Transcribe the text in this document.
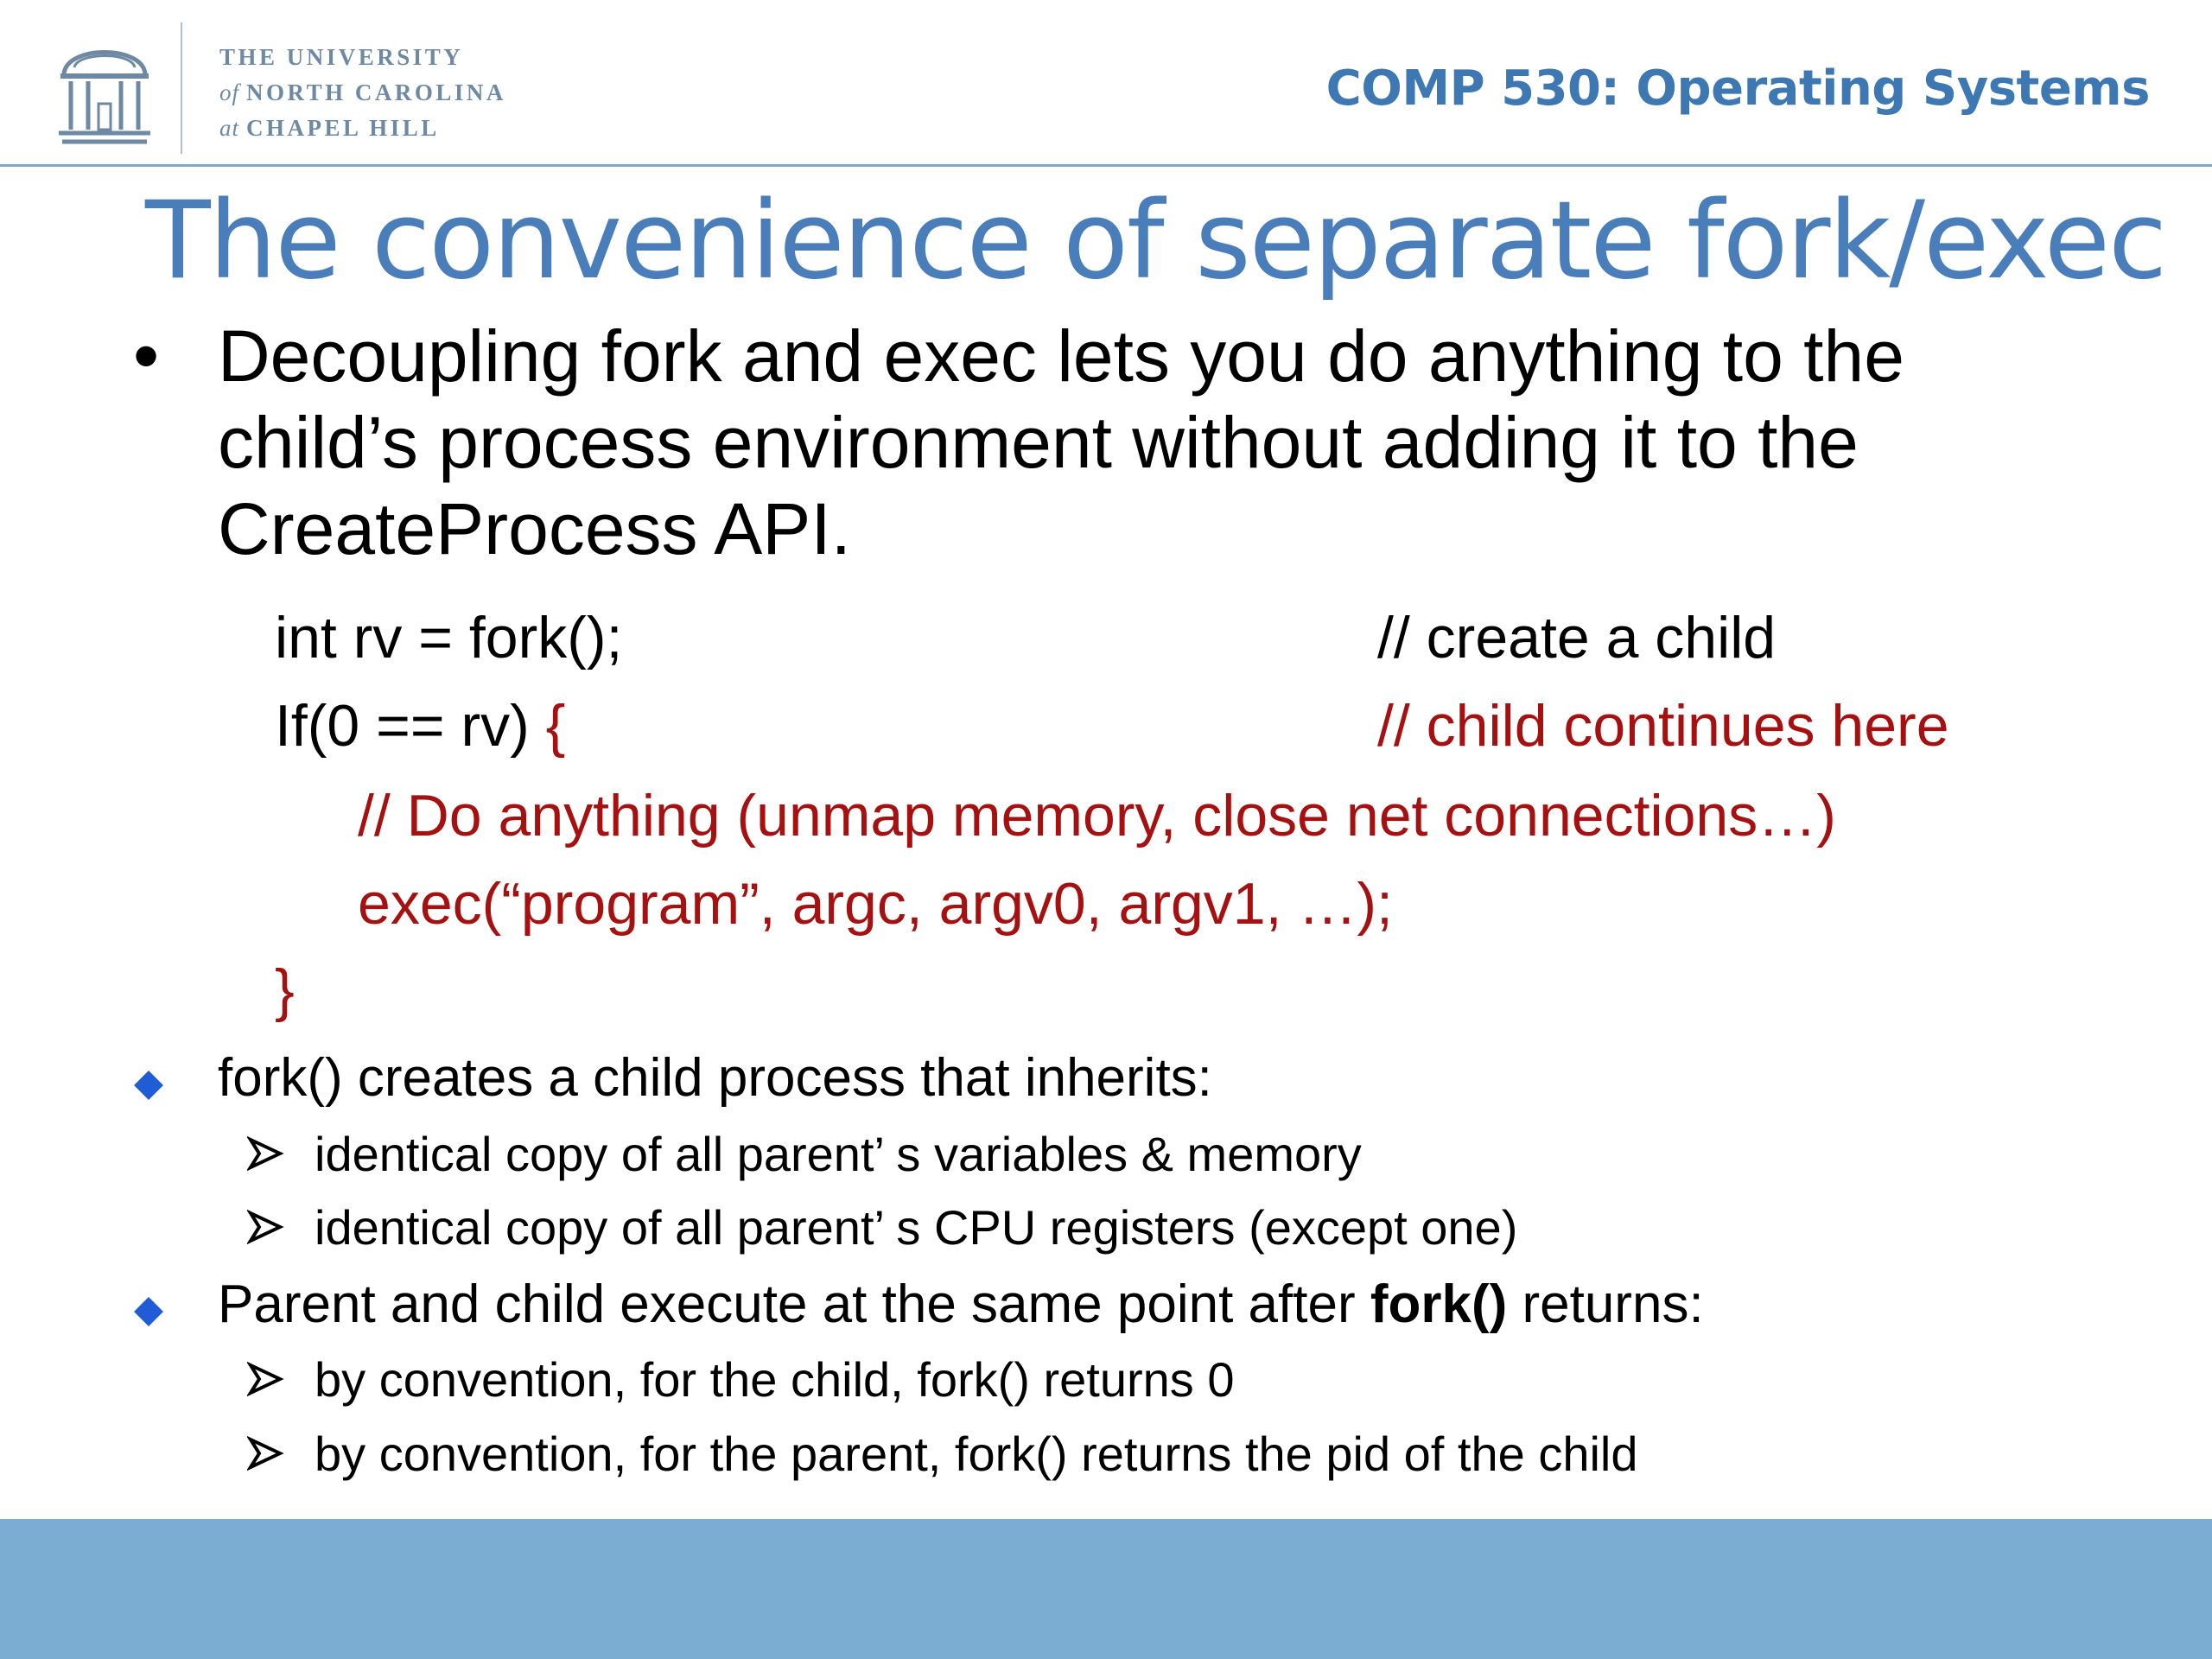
THE UNIVERSITY
of NORTH CAROLINA
at CHAPEL HILL
COMP 530: Operating Systems
The convenience of separate fork/exec
• Decoupling fork and exec lets you do anything to the
child’s process environment without adding it to the
CreateProcess API.
int rv = fork();	// create a child
If(0 == rv) {	// child continues here
// Do anything (unmap memory, close net connections…)
exec(“program”, argc, argv0, argv1, …);
}
fork() creates a child process that inherits:
identical copy of all parent’ s variables & memory
identical copy of all parent’ s CPU registers (except one)
Parent and child execute at the same point after fork() returns:
by convention, for the child, fork() returns 0
by convention, for the parent, fork() returns the pid of the child
